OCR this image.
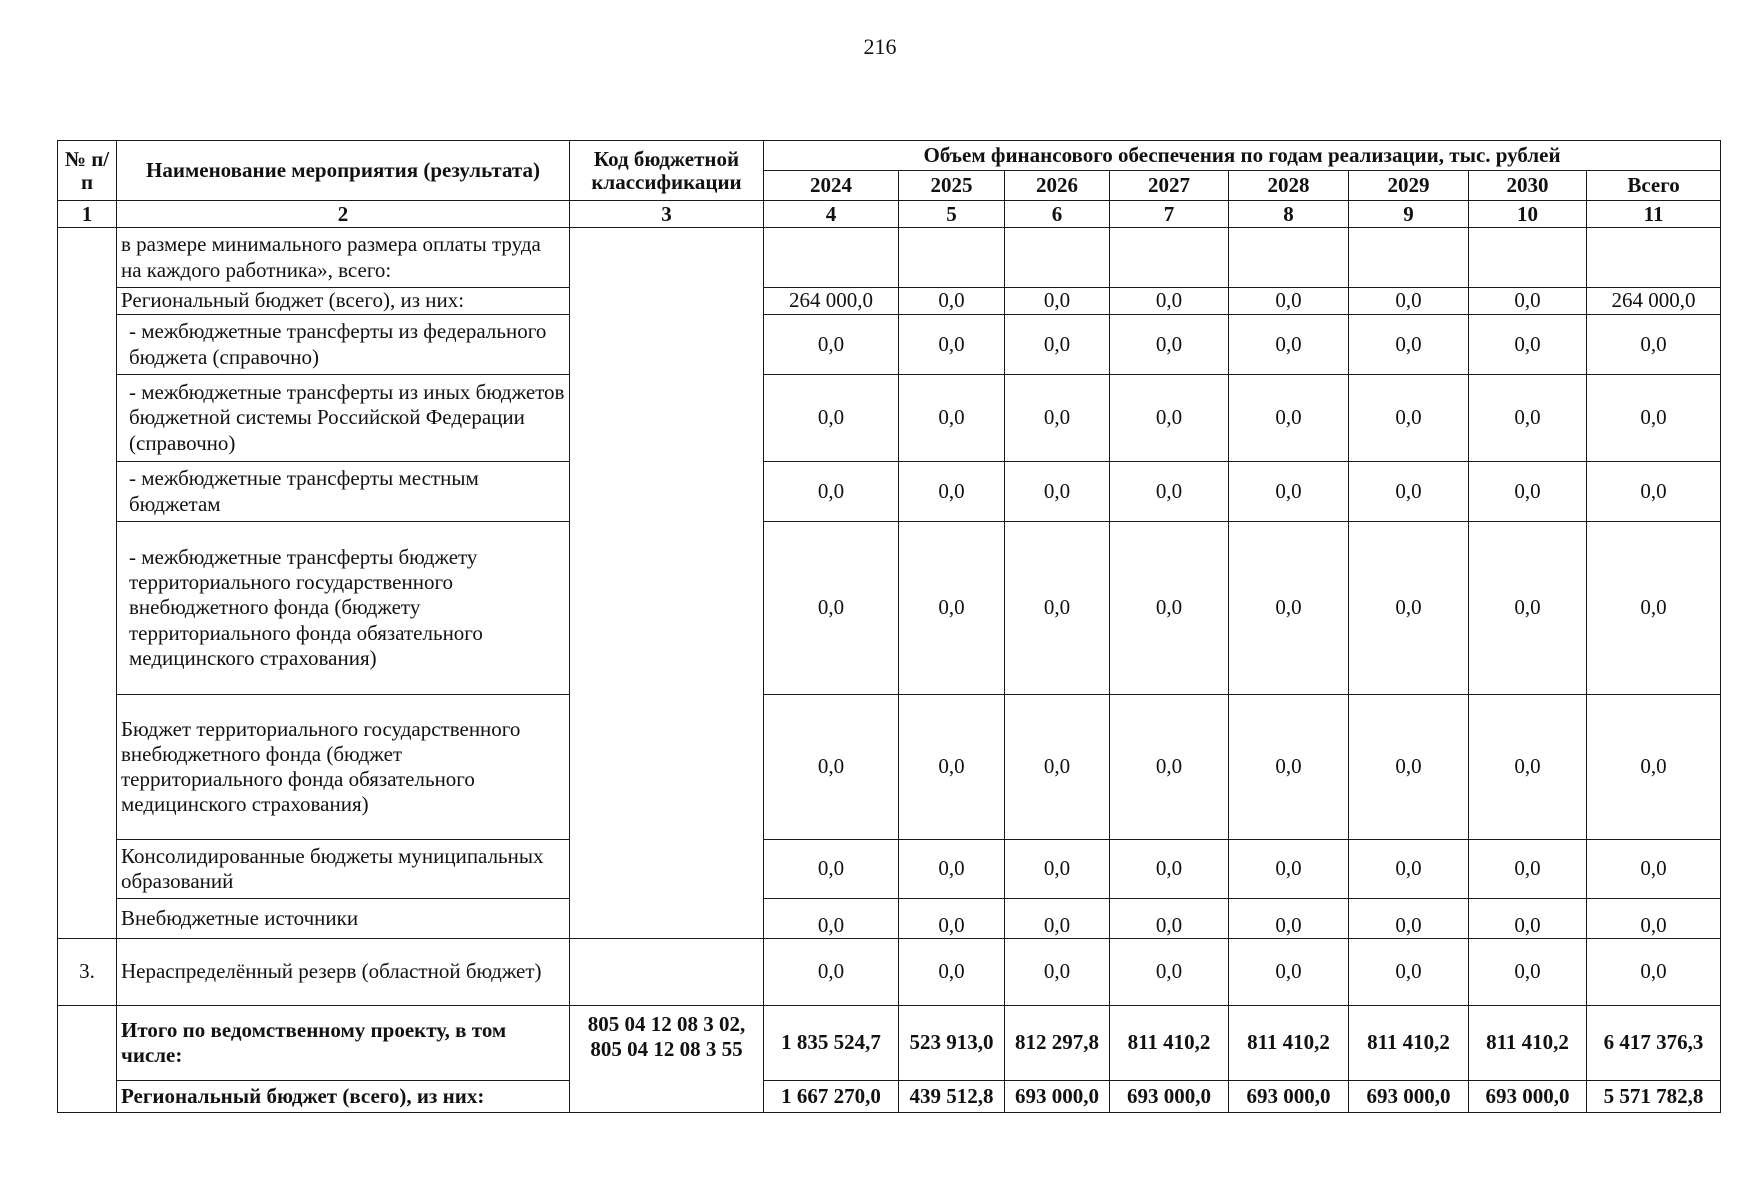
216
№ п/п	Наименование мероприятия (результата)	Код бюджетной классификации	Объем финансового обеспечения по годам реализации, тыс. рублей							
			2024	2025	2026	2027	2028	2029	2030	Всего
1	2	3	4	5	6	7	8	9	10	11
	в размере минимального размера оплаты труда на каждого работника», всего:									
	Региональный бюджет (всего), из них:		264 000,0	0,0	0,0	0,0	0,0	0,0	0,0	264 000,0
	- межбюджетные трансферты из федерального бюджета (справочно)		0,0	0,0	0,0	0,0	0,0	0,0	0,0	0,0
	- межбюджетные трансферты из иных бюджетов бюджетной системы Российской Федерации (справочно)		0,0	0,0	0,0	0,0	0,0	0,0	0,0	0,0
	- межбюджетные трансферты местным бюджетам		0,0	0,0	0,0	0,0	0,0	0,0	0,0	0,0
	- межбюджетные трансферты бюджету территориального государственного внебюджетного фонда (бюджету территориального фонда обязательного медицинского страхования)		0,0	0,0	0,0	0,0	0,0	0,0	0,0	0,0
	Бюджет территориального государственного внебюджетного фонда (бюджет территориального фонда обязательного медицинского страхования)		0,0	0,0	0,0	0,0	0,0	0,0	0,0	0,0
	Консолидированные бюджеты муниципальных образований		0,0	0,0	0,0	0,0	0,0	0,0	0,0	0,0
	Внебюджетные источники		0,0	0,0	0,0	0,0	0,0	0,0	0,0	0,0
3.	Нераспределённый резерв (областной бюджет)		0,0	0,0	0,0	0,0	0,0	0,0	0,0	0,0
	Итого по ведомственному проекту, в том числе:	805 04 12 08 3 02, 805 04 12 08 3 55	1 835 524,7	523 913,0	812 297,8	811 410,2	811 410,2	811 410,2	811 410,2	6 417 376,3
	Региональный бюджет (всего), из них:		1 667 270,0	439 512,8	693 000,0	693 000,0	693 000,0	693 000,0	693 000,0	5 571 782,8
